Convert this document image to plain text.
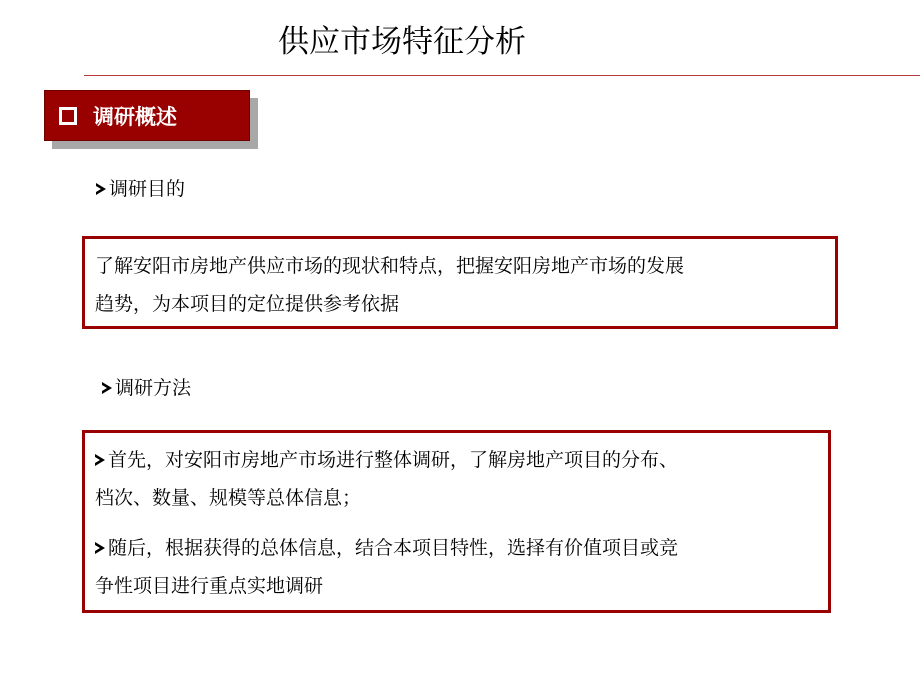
供应市场特征分析
调研概述
调研目的
了解安阳市房地产供应市场的现状和特点，把握安阳房地产市场的发展
趋势，为本项目的定位提供参考依据
调研方法
首先，对安阳市房地产市场进行整体调研，了解房地产项目的分布、
档次、数量、规模等总体信息；
随后，根据获得的总体信息，结合本项目特性，选择有价值项目或竞
争性项目进行重点实地调研
